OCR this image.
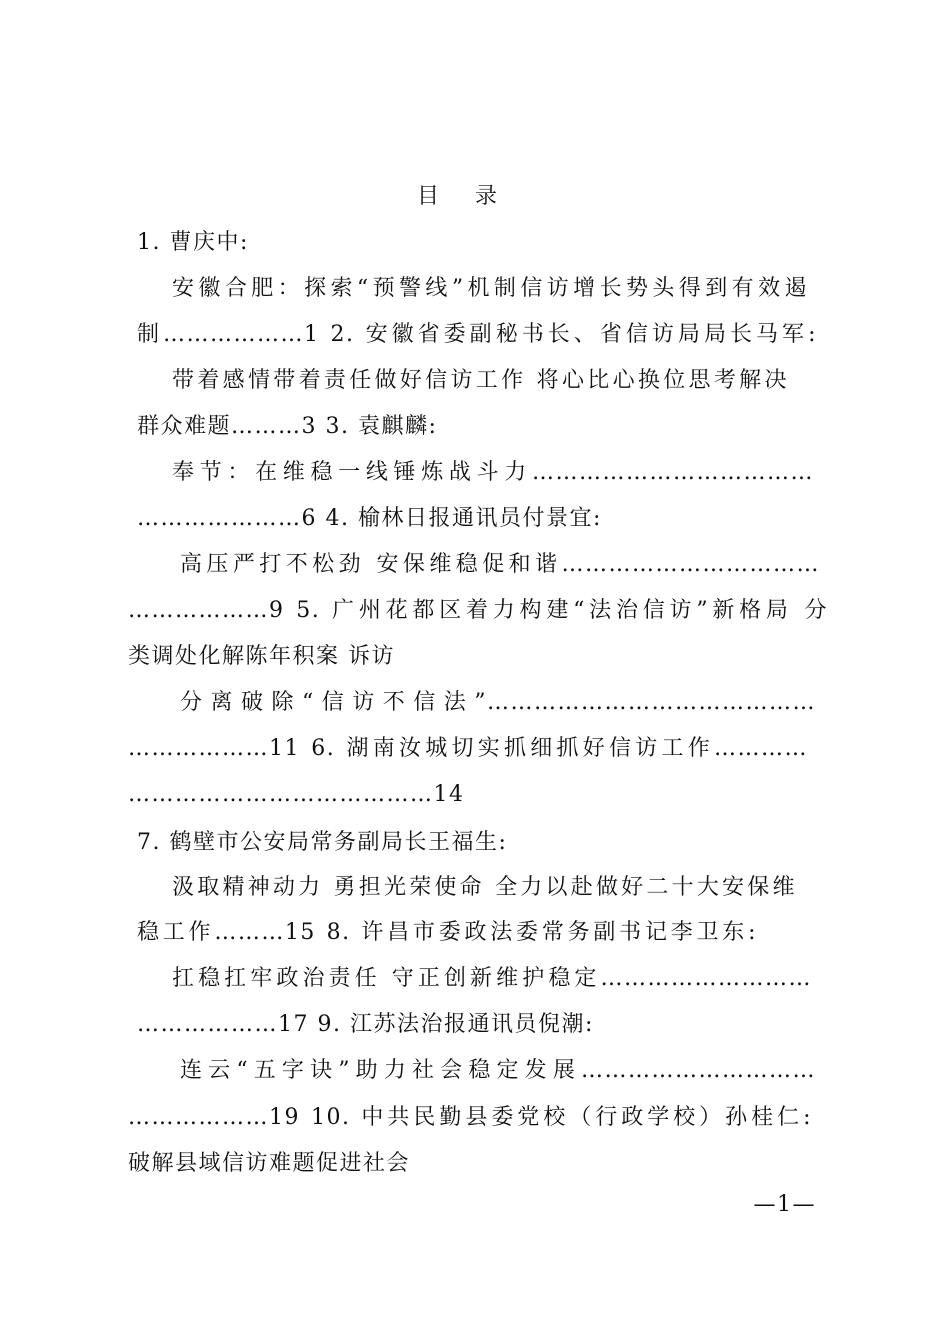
目录
1. 曹庆中:
安徽合肥：探索“预警线”机制信访增长势头得到有效遏
制………………1 2. 安徽省委副秘书长、省信访局局长马军:
带着感情带着责任做好信访工作 将心比心换位思考解决
群众难题………3 3. 袁麒麟:
奉节：在维稳一线锤炼战斗力………………………………
…………………6 4. 榆林日报通讯员付景宜:
高压严打不松劲 安保维稳促和谐……………………………
………………9 5. 广州花都区着力构建“法治信访”新格局 分
类调处化解陈年积案 诉访
分离破除“信访不信法”……………………………………
………………11 6. 湖南汝城切实抓细抓好信访工作…………
…………………………………14
7. 鹤壁市公安局常务副局长王福生:
汲取精神动力 勇担光荣使命 全力以赴做好二十大安保维
稳工作………15 8. 许昌市委政法委常务副书记李卫东:
扛稳扛牢政治责任 守正创新维护稳定………………………
………………17 9. 江苏法治报通讯员倪潮:
连云“五字诀”助力社会稳定发展…………………………
………………19 10. 中共民勤县委党校（行政学校）孙桂仁:
破解县域信访难题促进社会
—1—
